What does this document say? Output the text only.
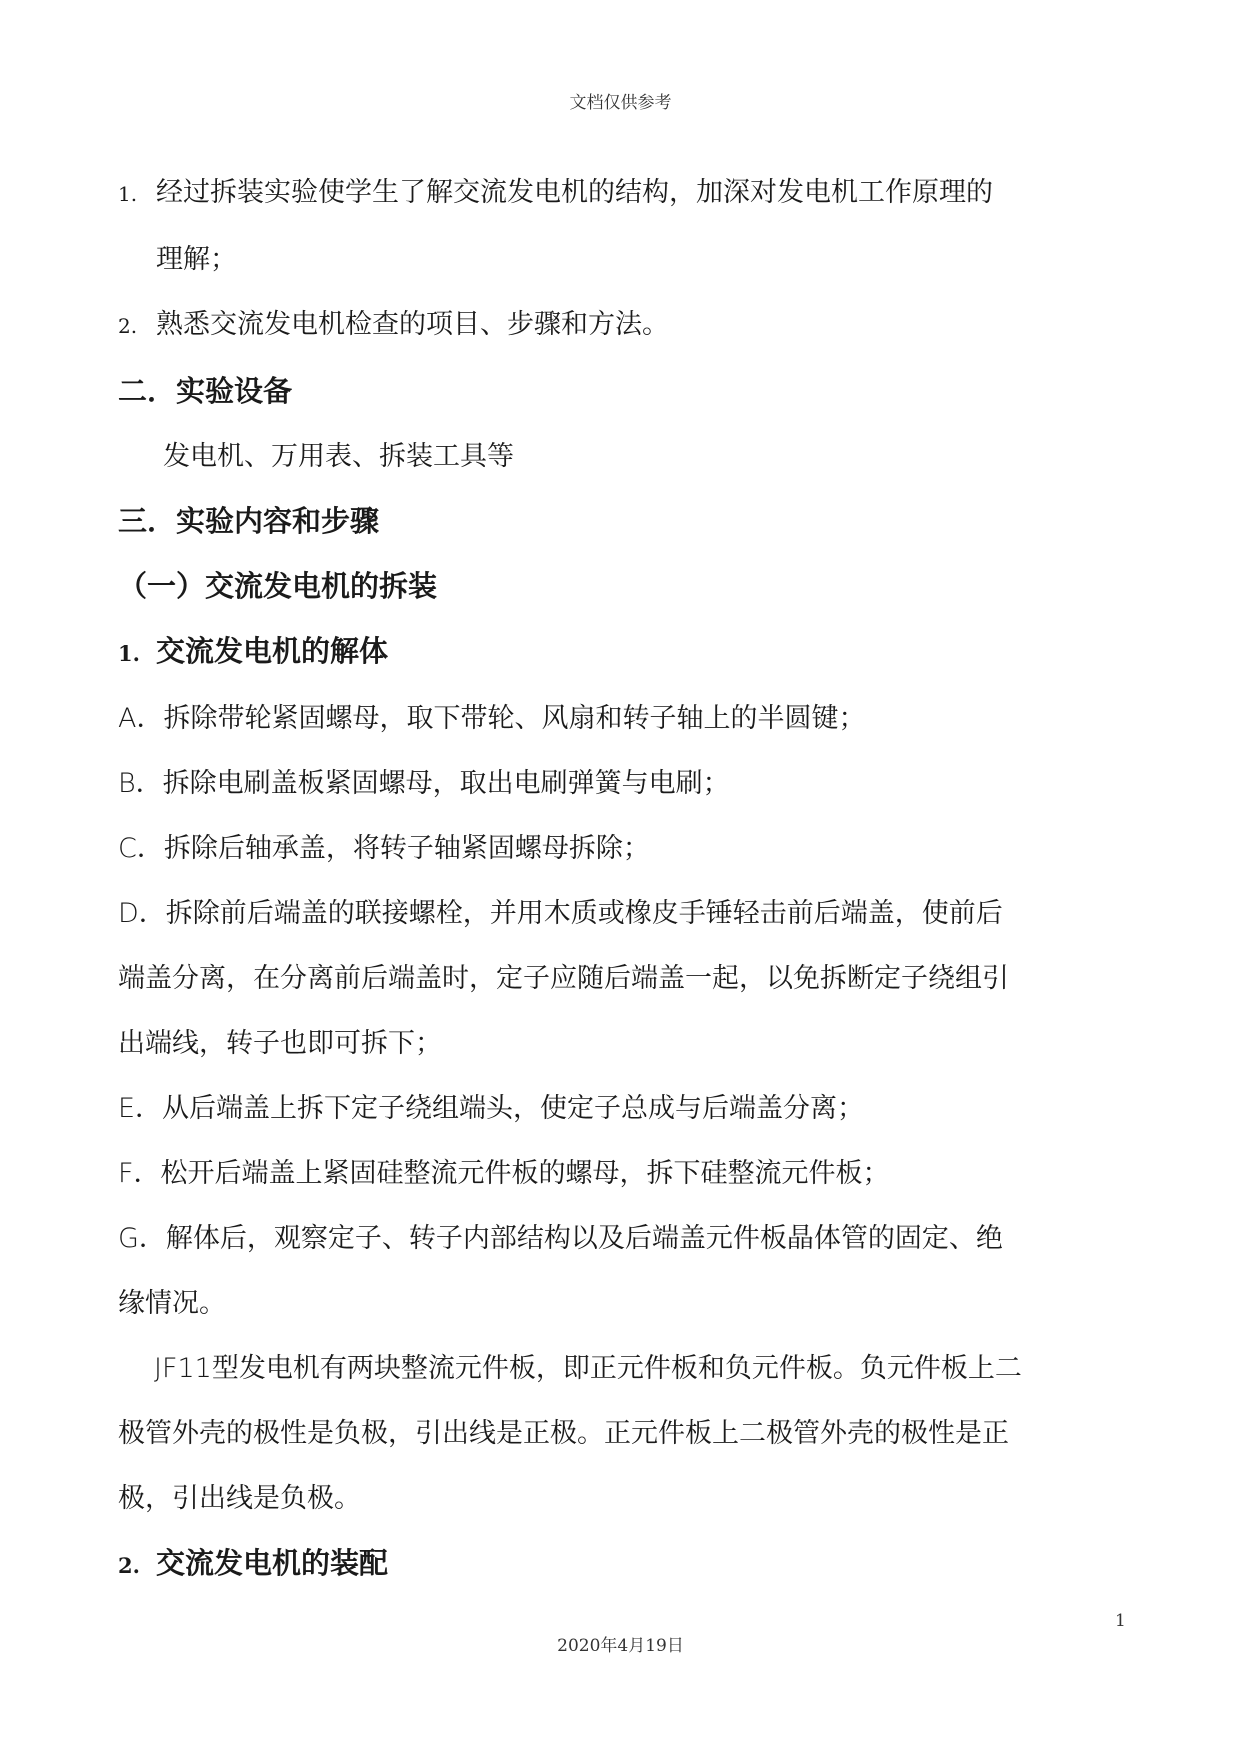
文档仅供参考
1. 经过拆装实验使学生了解交流发电机的结构，加深对发电机工作原理的
理解；
2. 熟悉交流发电机检查的项目、步骤和方法。
二．实验设备
发电机、万用表、拆装工具等
三．实验内容和步骤
（一）交流发电机的拆装
1. 交流发电机的解体
A．拆除带轮紧固螺母，取下带轮、风扇和转子轴上的半圆键；
B．拆除电刷盖板紧固螺母，取出电刷弹簧与电刷；
C．拆除后轴承盖，将转子轴紧固螺母拆除；
D．拆除前后端盖的联接螺栓，并用木质或橡皮手锤轻击前后端盖，使前后
端盖分离，在分离前后端盖时，定子应随后端盖一起，以免拆断定子绕组引
出端线，转子也即可拆下；
E．从后端盖上拆下定子绕组端头，使定子总成与后端盖分离；
F．松开后端盖上紧固硅整流元件板的螺母，拆下硅整流元件板；
G．解体后，观察定子、转子内部结构以及后端盖元件板晶体管的固定、绝
缘情况。
JF11型发电机有两块整流元件板，即正元件板和负元件板。负元件板上二
极管外壳的极性是负极，引出线是正极。正元件板上二极管外壳的极性是正
极，引出线是负极。
2. 交流发电机的装配
1
2020年4月19日
